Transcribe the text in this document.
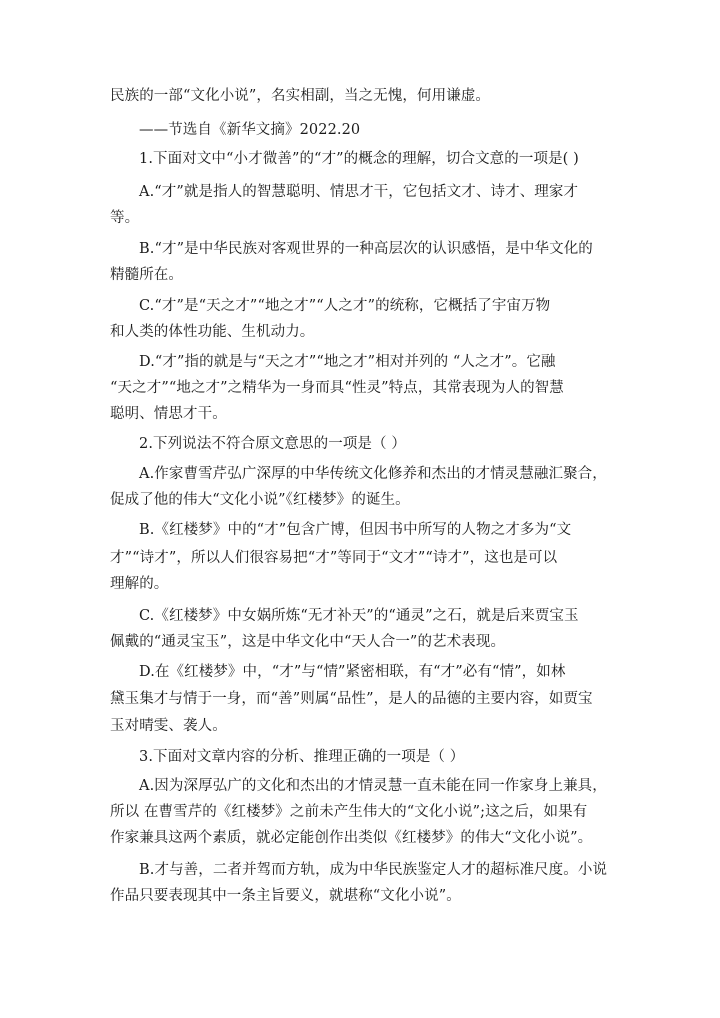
民族的一部“文化小说”，名实相副，当之无愧，何用谦虚。
——节选自《新华文摘》2022.20
1.下面对文中“小才微善”的“才”的概念的理解，切合文意的一项是( )
A.“才”就是指人的智慧聪明、情思才干，它包括文才、诗才、理家才
等。
B.“才”是中华民族对客观世界的一种高层次的认识感悟，是中华文化的
精髓所在。
C.“才”是“天之才”“地之才”“人之才”的统称，它概括了宇宙万物
和人类的体性功能、生机动力。
D.“才”指的就是与“天之才”“地之才”相对并列的 “人之才”。它融
“天之才”“地之才”之精华为一身而具“性灵”特点，其常表现为人的智慧
聪明、情思才干。
2.下列说法不符合原文意思的一项是（ ）
A.作家曹雪芹弘广深厚的中华传统文化修养和杰出的才情灵慧融汇聚合，
促成了他的伟大“文化小说”《红楼梦》的诞生。
B.《红楼梦》中的“才”包含广博，但因书中所写的人物之才多为“文
才”“诗才”，所以人们很容易把“才”等同于“文才”“诗才”，这也是可以
理解的。
C.《红楼梦》中女娲所炼“无才补天”的“通灵”之石，就是后来贾宝玉
佩戴的“通灵宝玉”，这是中华文化中“天人合一”的艺术表现。
D.在《红楼梦》中，“才”与“情”紧密相联，有“才”必有“情”，如林
黛玉集才与情于一身，而“善”则属“品性”，是人的品德的主要内容，如贾宝
玉对晴雯、袭人。
3.下面对文章内容的分析、推理正确的一项是（ ）
A.因为深厚弘广的文化和杰出的才情灵慧一直未能在同一作家身上兼具，
所以 在曹雪芹的《红楼梦》之前未产生伟大的“文化小说”;这之后，如果有
作家兼具这两个素质，就必定能创作出类似《红楼梦》的伟大“文化小说”。
B.才与善，二者并驾而方轨，成为中华民族鉴定人才的超标准尺度。小说
作品只要表现其中一条主旨要义，就堪称“文化小说”。
